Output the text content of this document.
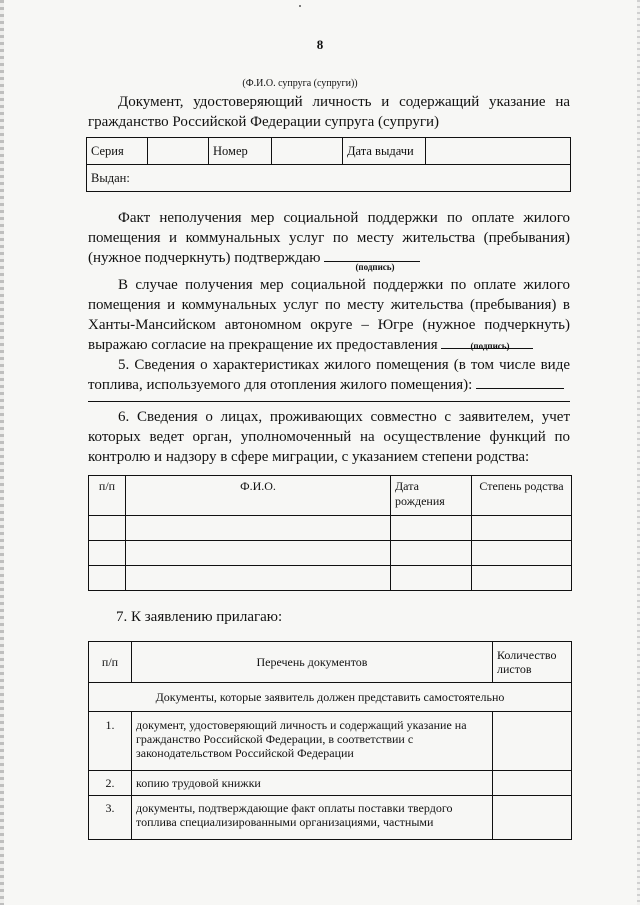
8
(Ф.И.О. супруга (супруги))
Документ, удостоверяющий личность и содержащий указание на гражданство Российской Федерации супруга (супруги)
Серия		Номер		Дата выдачи	
Выдан:
Факт неполучения мер социальной поддержки по оплате жилого помещения и коммунальных услуг по месту жительства (пребывания) (нужное подчеркнуть) подтверждаю
(подпись)
В случае получения мер социальной поддержки по оплате жилого помещения и коммунальных услуг по месту жительства (пребывания) в Ханты-Мансийском автономном округе – Югре (нужное подчеркнуть) выражаю согласие на прекращение их предоставления	(подпись)
5. Сведения о характеристиках жилого помещения (в том числе виде топлива, используемого для отопления жилого помещения):
6. Сведения о лицах, проживающих совместно с заявителем, учет которых ведет орган, уполномоченный на осуществление функций по контролю и надзору в сфере миграции, с указанием степени родства:
п/п	Ф.И.О.	Дата рождения	Степень родства

7. К заявлению прилагаю:
п/п	Перечень документов	Количество листов
Документы, которые заявитель должен представить самостоятельно		
1.	документ, удостоверяющий личность и содержащий указание на гражданство Российской Федерации, в соответствии с законодательством Российской Федерации	
2.	копию трудовой книжки	
3.	документы, подтверждающие факт оплаты поставки твердого топлива специализированными организациями, частными	
